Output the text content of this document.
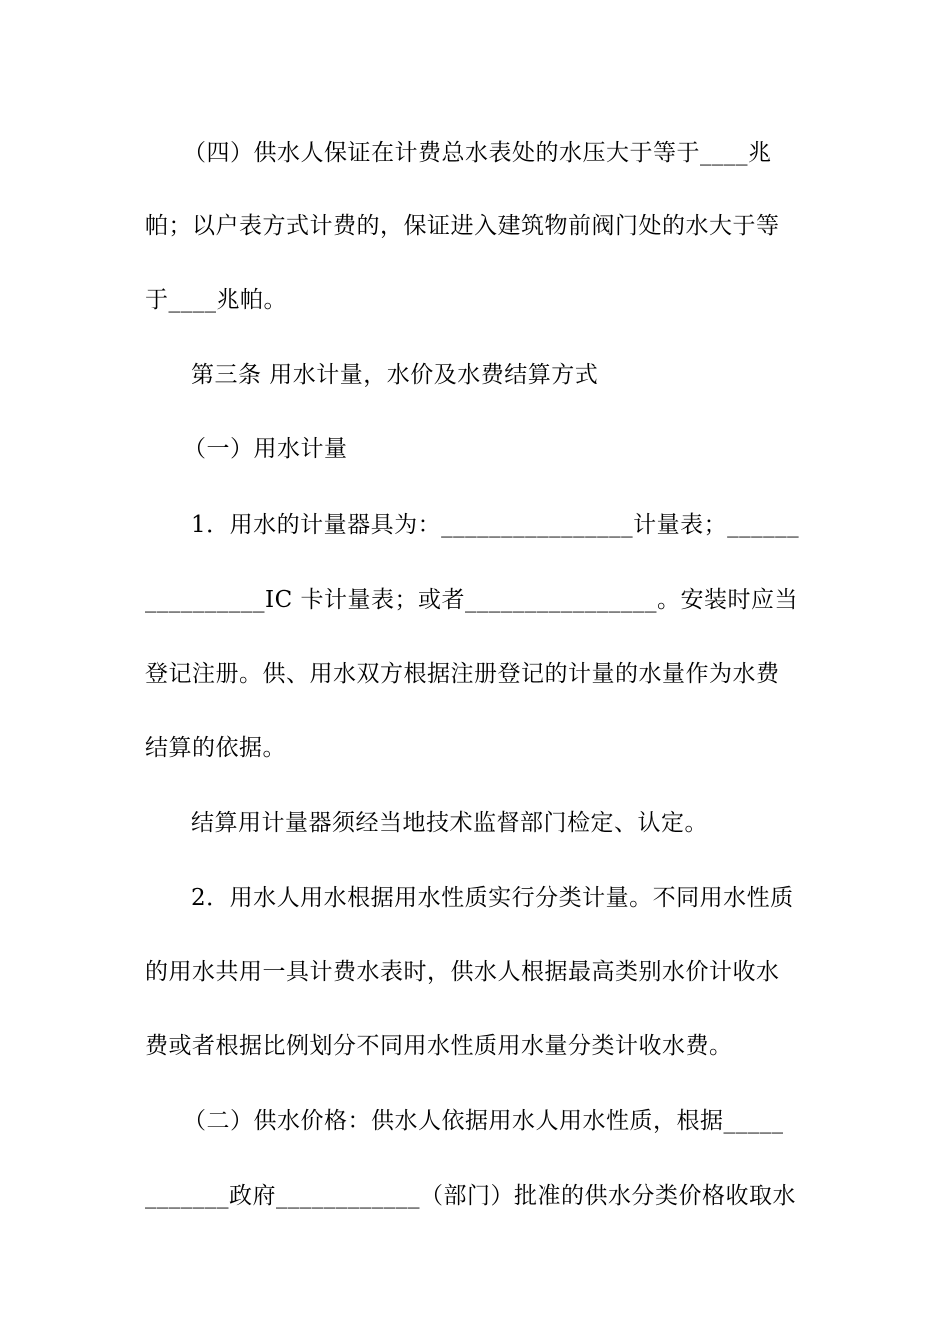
（四）供水人保证在计费总水表处的水压大于等于____兆
帕；以户表方式计费的，保证进入建筑物前阀门处的水大于等
于____兆帕。
第三条 用水计量，水价及水费结算方式
（一）用水计量
1．用水的计量器具为：________________计量表；______
__________IC 卡计量表；或者________________。安装时应当
登记注册。供、用水双方根据注册登记的计量的水量作为水费
结算的依据。
结算用计量器须经当地技术监督部门检定、认定。
2．用水人用水根据用水性质实行分类计量。不同用水性质
的用水共用一具计费水表时，供水人根据最高类别水价计收水
费或者根据比例划分不同用水性质用水量分类计收水费。
（二）供水价格：供水人依据用水人用水性质，根据_____
_______政府____________（部门）批准的供水分类价格收取水
